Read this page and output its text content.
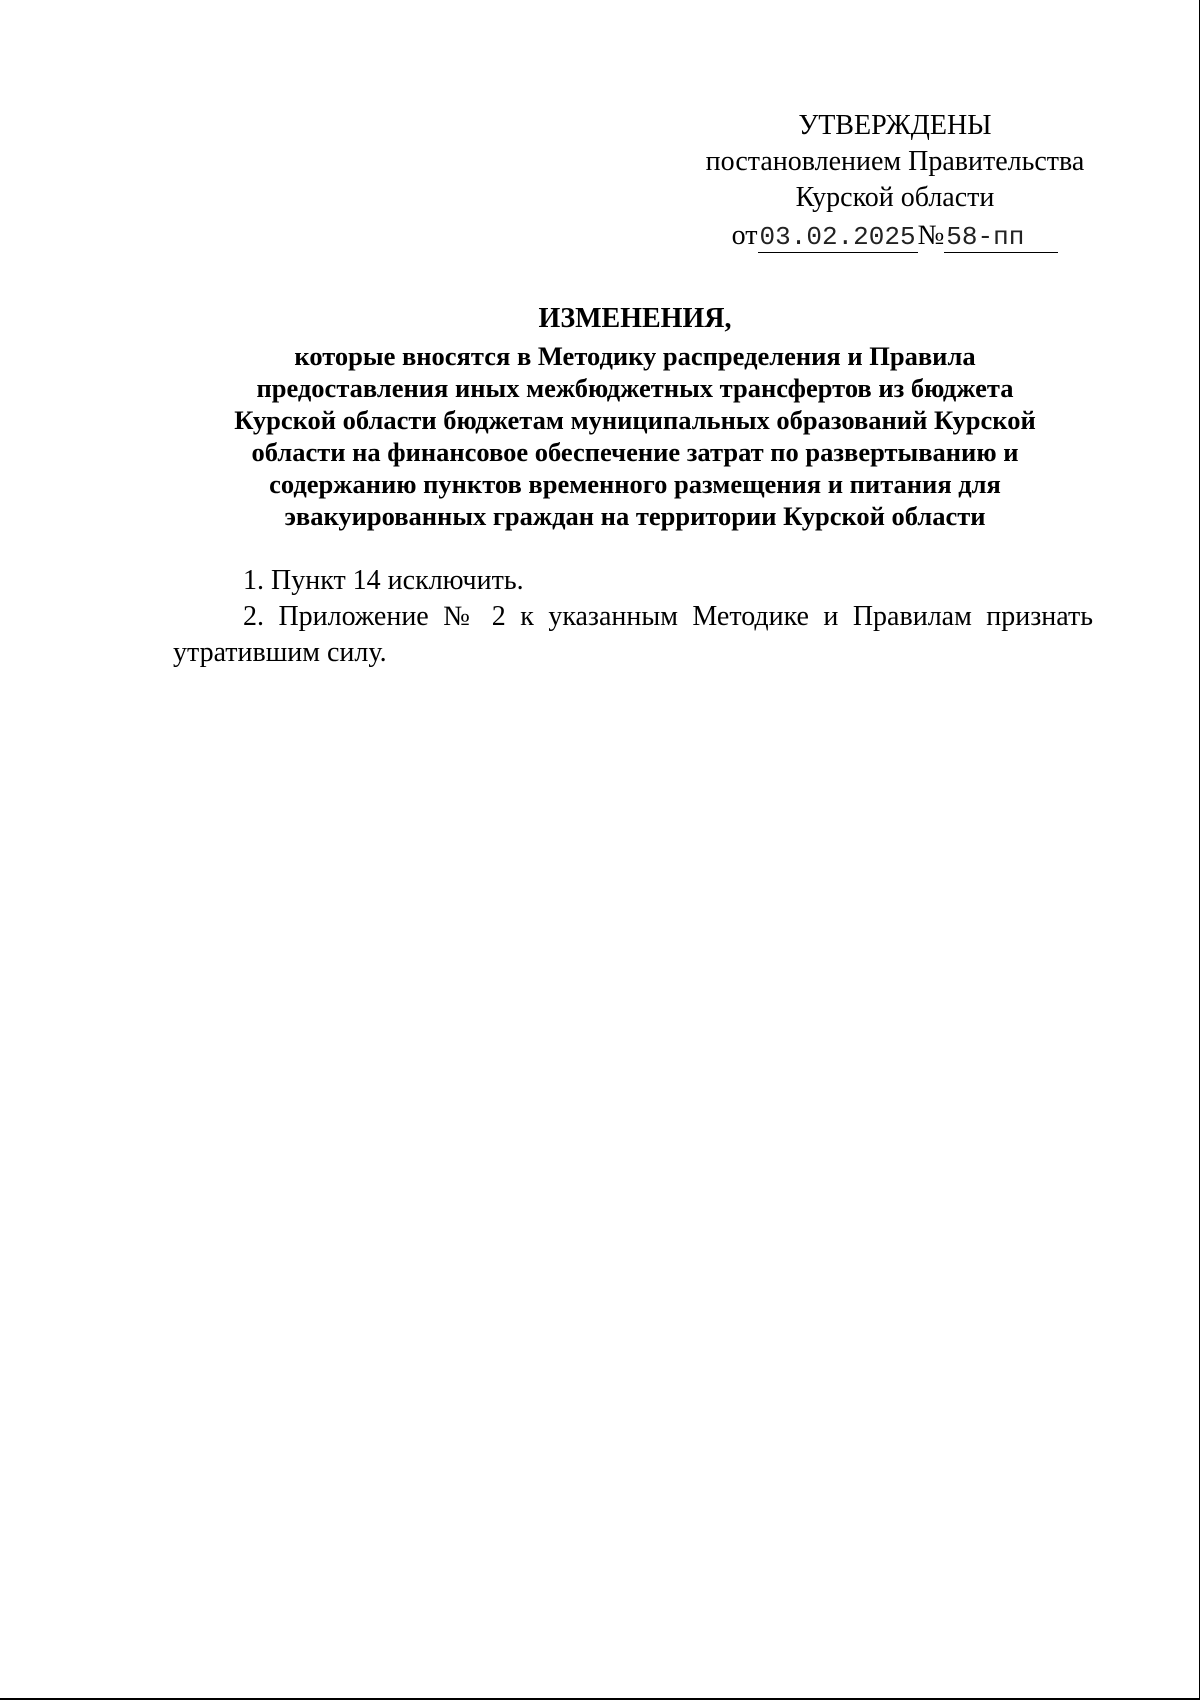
УТВЕРЖДЕНЫ
постановлением Правительства
Курской области
от03.02.2025№58-пп
ИЗМЕНЕНИЯ,
которые вносятся в Методику распределения и Правила
предоставления иных межбюджетных трансфертов из бюджета
Курской области бюджетам муниципальных образований Курской
области на финансовое обеспечение затрат по развертыванию и
содержанию пунктов временного размещения и питания для
эвакуированных граждан на территории Курской области

1. Пункт 14 исключить.

2. Приложение № 2 к указанным Методике и Правилам признать утратившим силу.
